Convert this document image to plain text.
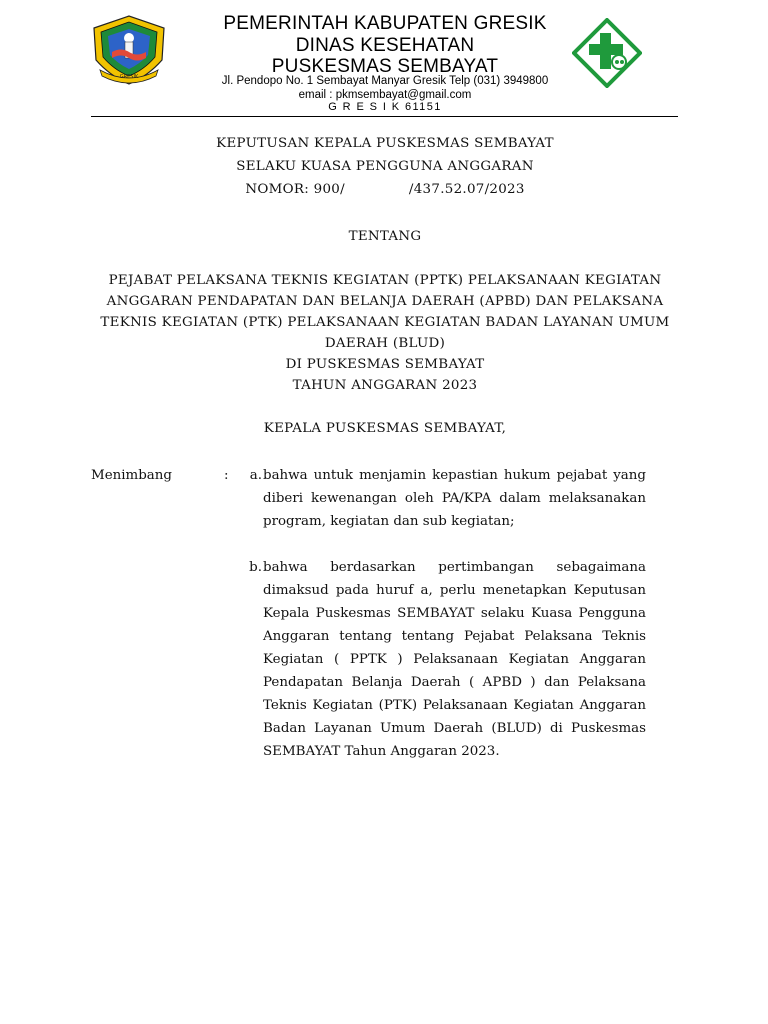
GRESIK
PEMERINTAH KABUPATEN GRESIK
DINAS KESEHATAN
PUSKESMAS SEMBAYAT
Jl. Pendopo No. 1 Sembayat Manyar Gresik Telp (031) 3949800
email : pkmsembayat@gmail.com
G R E S I K 61151
KEPUTUSAN KEPALA PUSKESMAS SEMBAYAT
SELAKU KUASA PENGGUNA ANGGARAN
NOMOR: 900/	/437.52.07/2023
TENTANG
PEJABAT PELAKSANA TEKNIS KEGIATAN (PPTK) PELAKSANAAN KEGIATAN
ANGGARAN PENDAPATAN DAN BELANJA DAERAH (APBD) DAN PELAKSANA
TEKNIS KEGIATAN (PTK) PELAKSANAAN KEGIATAN BADAN LAYANAN UMUM
DAERAH (BLUD)
DI PUSKESMAS SEMBAYAT
TAHUN ANGGARAN 2023
KEPALA PUSKESMAS SEMBAYAT,
Menimbang	:	a. bahwa untuk menjamin kepastian hukum pejabat yang diberi kewenangan oleh PA/KPA dalam melaksanakan program, kegiatan dan sub kegiatan;
b. bahwa berdasarkan pertimbangan sebagaimana dimaksud pada huruf a, perlu menetapkan Keputusan Kepala Puskesmas SEMBAYAT selaku Kuasa Pengguna Anggaran tentang tentang Pejabat Pelaksana Teknis Kegiatan ( PPTK ) Pelaksanaan Kegiatan Anggaran Pendapatan Belanja Daerah ( APBD ) dan Pelaksana Teknis Kegiatan (PTK) Pelaksanaan Kegiatan Anggaran Badan Layanan Umum Daerah (BLUD) di Puskesmas SEMBAYAT Tahun Anggaran 2023.
